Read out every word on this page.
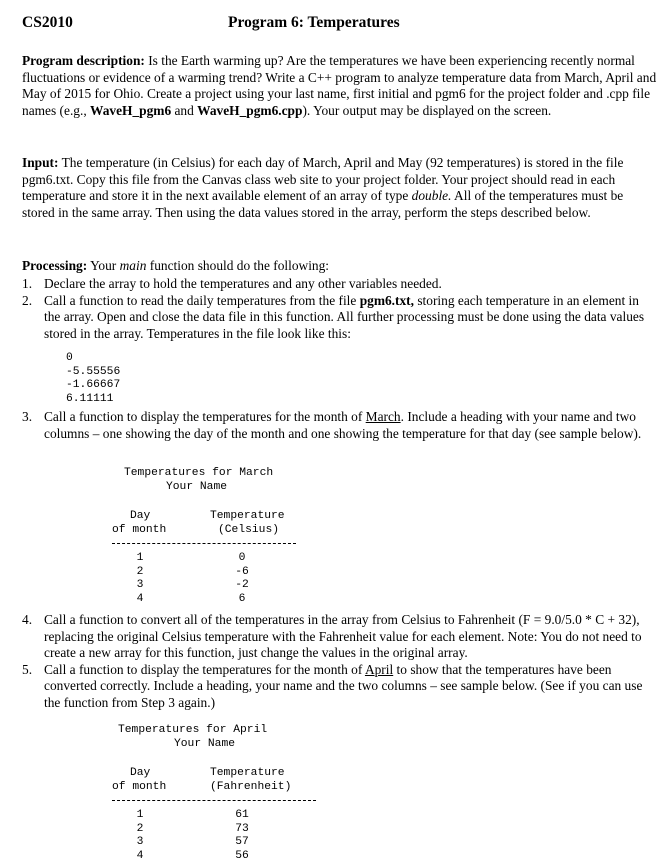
CS2010	Program 6: Temperatures

Program description: Is the Earth warming up? Are the temperatures we have been experiencing recently normal fluctuations or evidence of a warming trend? Write a C++ program to analyze temperature data from March, April and May of 2015 for Ohio. Create a project using your last name, first initial and pgm6 for the project folder and .cpp file names (e.g., WaveH_pgm6 and WaveH_pgm6.cpp). Your output may be displayed on the screen.

Input: The temperature (in Celsius) for each day of March, April and May (92 temperatures) is stored in the file pgm6.txt. Copy this file from the Canvas class web site to your project folder. Your project should read in each temperature and store it in the next available element of an array of type double. All of the temperatures must be stored in the same array. Then using the data values stored in the array, perform the steps described below.

Processing: Your main function should do the following:

1. Declare the array to hold the temperatures and any other variables needed.
2. Call a function to read the daily temperatures from the file pgm6.txt, storing each temperature in an element in the array. Open and close the data file in this function. All further processing must be done using the data values stored in the array. Temperatures in the file look like this:
0
-5.55556
-1.66667
6.11111
3. Call a function to display the temperatures for the month of March. Include a heading with your name and two columns – one showing the day of the month and one showing the temperature for that day (see sample below).
Temperatures for March
Your Name
Day
of month
Temperature
(Celsius)
1
2
3
4
0
-6
-2
6
4. Call a function to convert all of the temperatures in the array from Celsius to Fahrenheit (F = 9.0/5.0 * C + 32), replacing the original Celsius temperature with the Fahrenheit value for each element. Note: You do not need to create a new array for this function, just change the values in the original array.
5. Call a function to display the temperatures for the month of April to show that the temperatures have been converted correctly. Include a heading, your name and the two columns – see sample below. (See if you can use the function from Step 3 again.)
Temperatures for April
Your Name
Day
of month
Temperature
(Fahrenheit)
1
2
3
4
61
73
57
56
